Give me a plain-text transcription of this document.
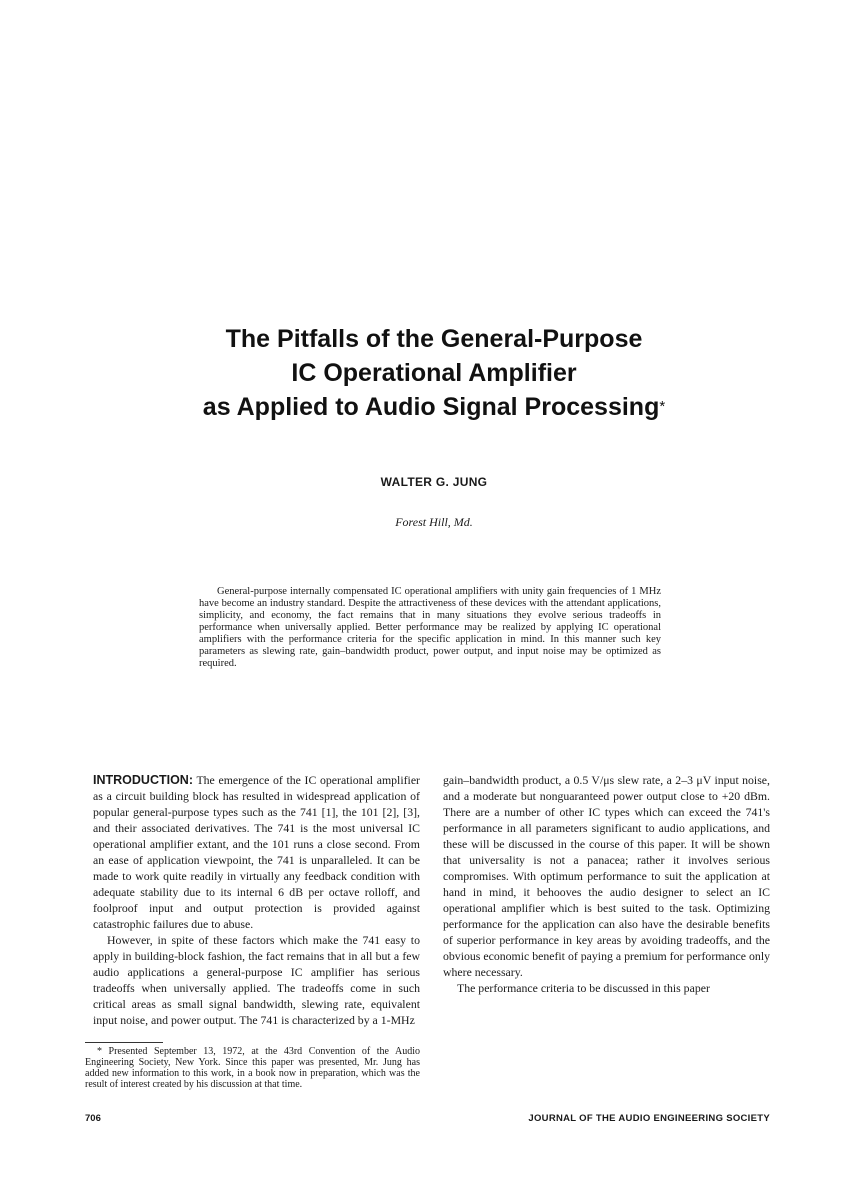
The Pitfalls of the General-Purpose
IC Operational Amplifier
as Applied to Audio Signal Processing*
WALTER G. JUNG
Forest Hill, Md.
General-purpose internally compensated IC operational amplifiers with unity gain frequencies of 1 MHz have become an industry standard. Despite the attractiveness of these devices with the attendant applications, simplicity, and economy, the fact remains that in many situations they evolve serious tradeoffs in performance when universally applied. Better performance may be realized by applying IC operational amplifiers with the performance criteria for the specific application in mind. In this manner such key parameters as slewing rate, gain–bandwidth product, power output, and input noise may be optimized as required.

INTRODUCTION: The emergence of the IC operational amplifier as a circuit building block has resulted in widespread application of popular general-purpose types such as the 741 [1], the 101 [2], [3], and their associated derivatives. The 741 is the most universal IC operational amplifier extant, and the 101 runs a close second. From an ease of application viewpoint, the 741 is unparalleled. It can be made to work quite readily in virtually any feedback condition with adequate stability due to its internal 6 dB per octave rolloff, and foolproof input and output protection is provided against catastrophic failures due to abuse.

However, in spite of these factors which make the 741 easy to apply in building-block fashion, the fact remains that in all but a few audio applications a general-purpose IC amplifier has serious tradeoffs when universally applied. The tradeoffs come in such critical areas as small signal bandwidth, slewing rate, equivalent input noise, and power output. The 741 is characterized by a 1-MHz

gain–bandwidth product, a 0.5 V/μs slew rate, a 2–3 μV input noise, and a moderate but nonguaranteed power output close to +20 dBm. There are a number of other IC types which can exceed the 741's performance in all parameters significant to audio applications, and these will be discussed in the course of this paper. It will be shown that universality is not a panacea; rather it involves serious compromises. With optimum performance to suit the application at hand in mind, it behooves the audio designer to select an IC operational amplifier which is best suited to the task. Optimizing performance for the application can also have the desirable benefits of superior performance in key areas by avoiding tradeoffs, and the obvious economic benefit of paying a premium for performance only where necessary.

The performance criteria to be discussed in this paper

* Presented September 13, 1972, at the 43rd Convention of the Audio Engineering Society, New York. Since this paper was presented, Mr. Jung has added new information to this work, in a book now in preparation, which was the result of interest created by his discussion at that time.
706	JOURNAL OF THE AUDIO ENGINEERING SOCIETY
